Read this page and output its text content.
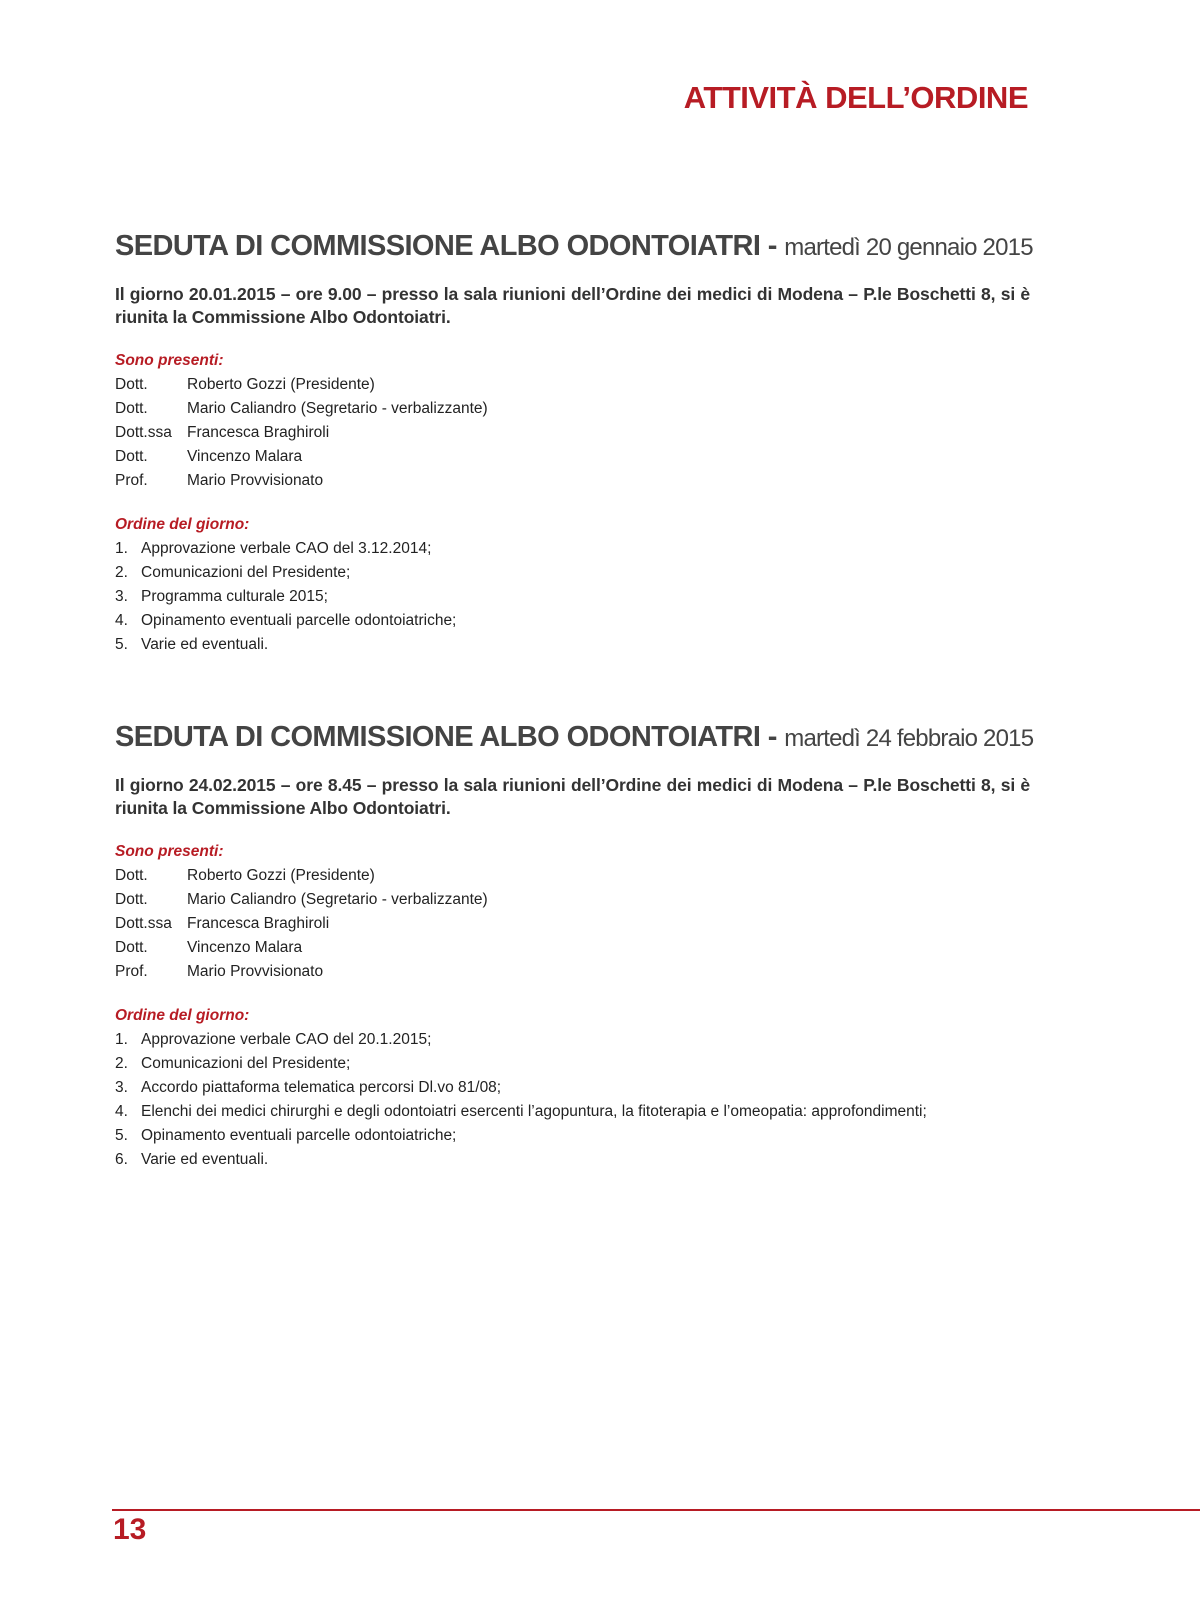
ATTIVITÀ DELL’ORDINE
SEDUTA DI COMMISSIONE ALBO ODONTOIATRI - martedì 20 gennaio 2015
Il giorno 20.01.2015 – ore 9.00 – presso la sala riunioni dell’Ordine dei medici di Modena – P.le Boschetti 8, si è riunita la Commissione Albo Odontoiatri.
Sono presenti:
Dott.	Roberto Gozzi (Presidente)
Dott.	Mario Caliandro (Segretario - verbalizzante)
Dott.ssa Francesca Braghiroli
Dott.	Vincenzo Malara
Prof.	Mario Provvisionato
Ordine del giorno:
1. Approvazione verbale CAO del 3.12.2014;
2. Comunicazioni del Presidente;
3. Programma culturale 2015;
4. Opinamento eventuali parcelle odontoiatriche;
5. Varie ed eventuali.
SEDUTA DI COMMISSIONE ALBO ODONTOIATRI - martedì 24 febbraio 2015
Il giorno 24.02.2015 – ore 8.45 – presso la sala riunioni dell’Ordine dei medici di Modena – P.le Boschetti 8, si è riunita la Commissione Albo Odontoiatri.
Sono presenti:
Dott.	Roberto Gozzi (Presidente)
Dott.	Mario Caliandro (Segretario - verbalizzante)
Dott.ssa Francesca Braghiroli
Dott.	Vincenzo Malara
Prof.	Mario Provvisionato
Ordine del giorno:
1. Approvazione verbale CAO del 20.1.2015;
2. Comunicazioni del Presidente;
3. Accordo piattaforma telematica percorsi Dl.vo 81/08;
4. Elenchi dei medici chirurghi e degli odontoiatri esercenti l’agopuntura, la fitoterapia e l’omeopatia: approfondimenti;
5. Opinamento eventuali parcelle odontoiatriche;
6. Varie ed eventuali.
13
